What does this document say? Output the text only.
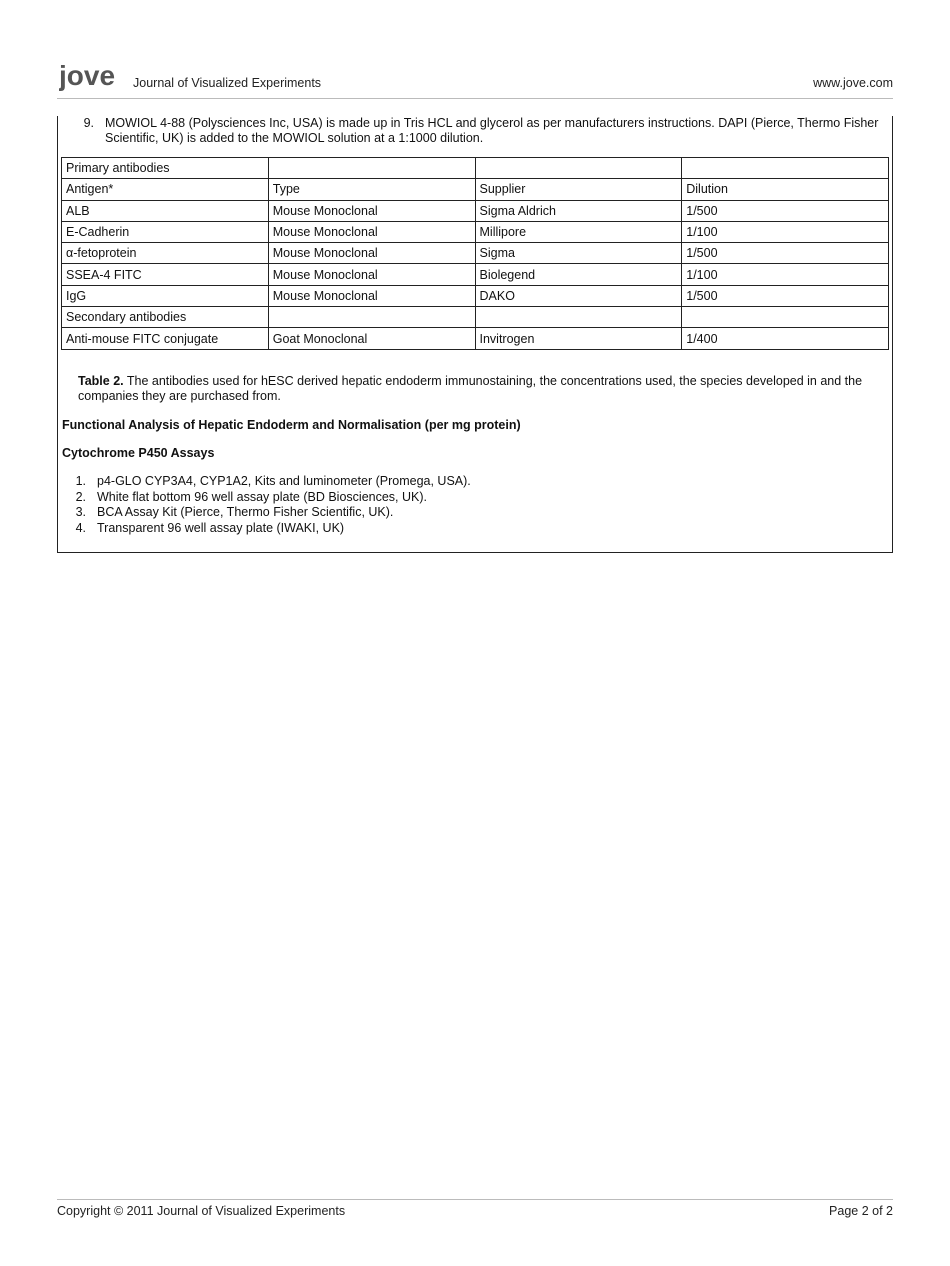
jove Journal of Visualized Experiments	www.jove.com
9. MOWIOL 4-88 (Polysciences Inc, USA) is made up in Tris HCL and glycerol as per manufacturers instructions. DAPI (Pierce, Thermo Fisher Scientific, UK) is added to the MOWIOL solution at a 1:1000 dilution.
Primary antibodies			
Antigen*	Type	Supplier	Dilution
ALB	Mouse Monoclonal	Sigma Aldrich	1/500
E-Cadherin	Mouse Monoclonal	Millipore	1/100
α-fetoprotein	Mouse Monoclonal	Sigma	1/500
SSEA-4 FITC	Mouse Monoclonal	Biolegend	1/100
IgG	Mouse Monoclonal	DAKO	1/500
Secondary antibodies			
Anti-mouse FITC conjugate	Goat Monoclonal	Invitrogen	1/400
Table 2. The antibodies used for hESC derived hepatic endoderm immunostaining, the concentrations used, the species developed in and the companies they are purchased from.
Functional Analysis of Hepatic Endoderm and Normalisation (per mg protein)
Cytochrome P450 Assays
1. p4-GLO CYP3A4, CYP1A2, Kits and luminometer (Promega, USA).
2. White flat bottom 96 well assay plate (BD Biosciences, UK).
3. BCA Assay Kit (Pierce, Thermo Fisher Scientific, UK).
4. Transparent 96 well assay plate (IWAKI, UK)
Copyright © 2011 Journal of Visualized Experiments	Page 2 of 2
